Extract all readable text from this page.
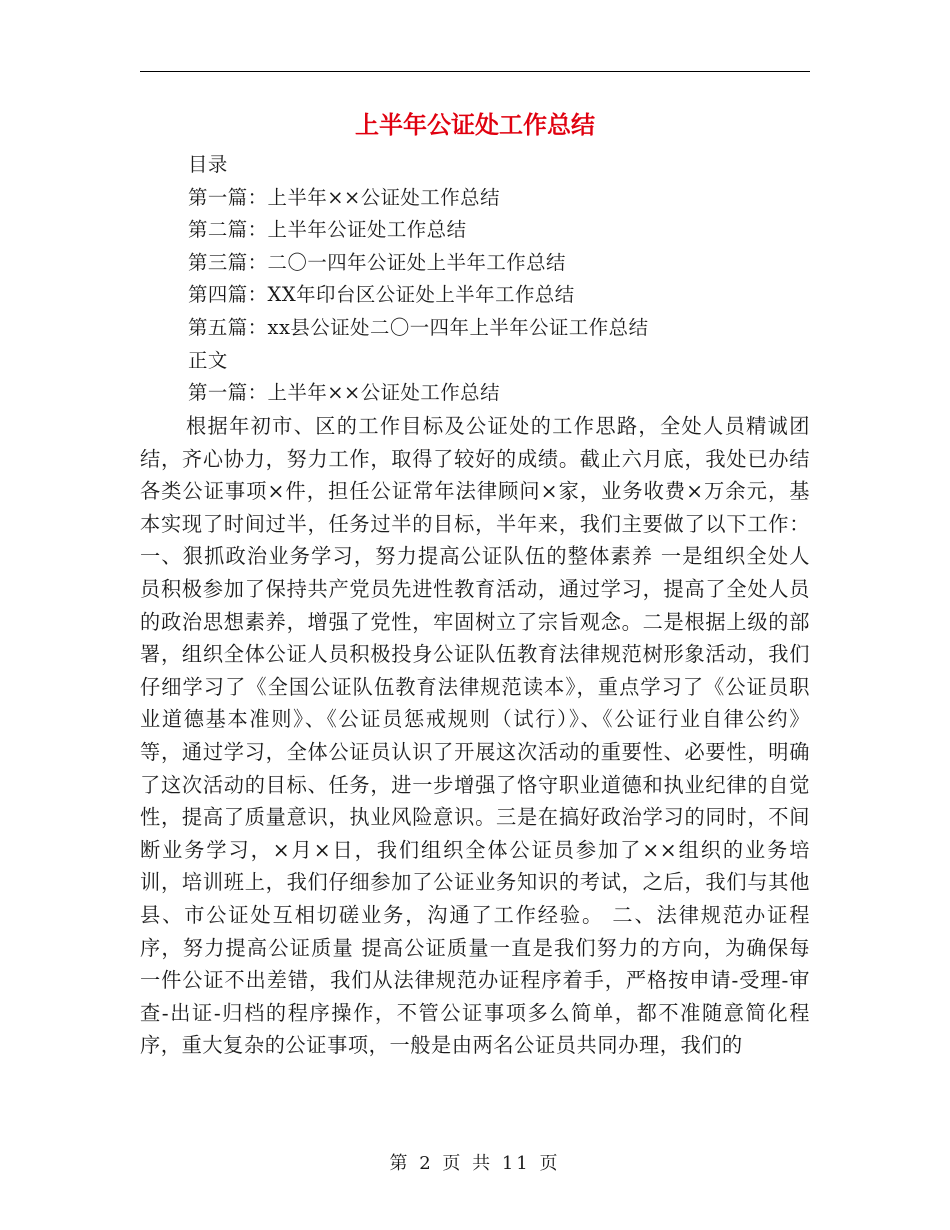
上半年公证处工作总结
目录
第一篇：上半年××公证处工作总结
第二篇：上半年公证处工作总结
第三篇：二〇一四年公证处上半年工作总结
第四篇：XX年印台区公证处上半年工作总结
第五篇：xx县公证处二〇一四年上半年公证工作总结
正文
第一篇：上半年××公证处工作总结

根据年初市、区的工作目标及公证处的工作思路，全处人员精诚团结，齐心协力，努力工作，取得了较好的成绩。截止六月底，我处已办结各类公证事项×件，担任公证常年法律顾问×家，业务收费×万余元，基本实现了时间过半，任务过半的目标，半年来，我们主要做了以下工作： 一、狠抓政治业务学习，努力提高公证队伍的整体素养 一是组织全处人员积极参加了保持共产党员先进性教育活动，通过学习，提高了全处人员的政治思想素养，增强了党性，牢固树立了宗旨观念。二是根据上级的部署，组织全体公证人员积极投身公证队伍教育法律规范树形象活动，我们仔细学习了《全国公证队伍教育法律规范读本》，重点学习了《公证员职业道德基本准则》、《公证员惩戒规则（试行）》、《公证行业自律公约》等，通过学习，全体公证员认识了开展这次活动的重要性、必要性，明确了这次活动的目标、任务，进一步增强了恪守职业道德和执业纪律的自觉性，提高了质量意识，执业风险意识。三是在搞好政治学习的同时，不间断业务学习，×月×日，我们组织全体公证员参加了××组织的业务培训，培训班上，我们仔细参加了公证业务知识的考试，之后，我们与其他县、市公证处互相切磋业务，沟通了工作经验。 二、法律规范办证程序，努力提高公证质量 提高公证质量一直是我们努力的方向，为确保每一件公证不出差错，我们从法律规范办证程序着手，严格按申请-受理-审查-出证-归档的程序操作，不管公证事项多么简单，都不准随意简化程序，重大复杂的公证事项，一般是由两名公证员共同办理，我们的

第 2 页 共 11 页
